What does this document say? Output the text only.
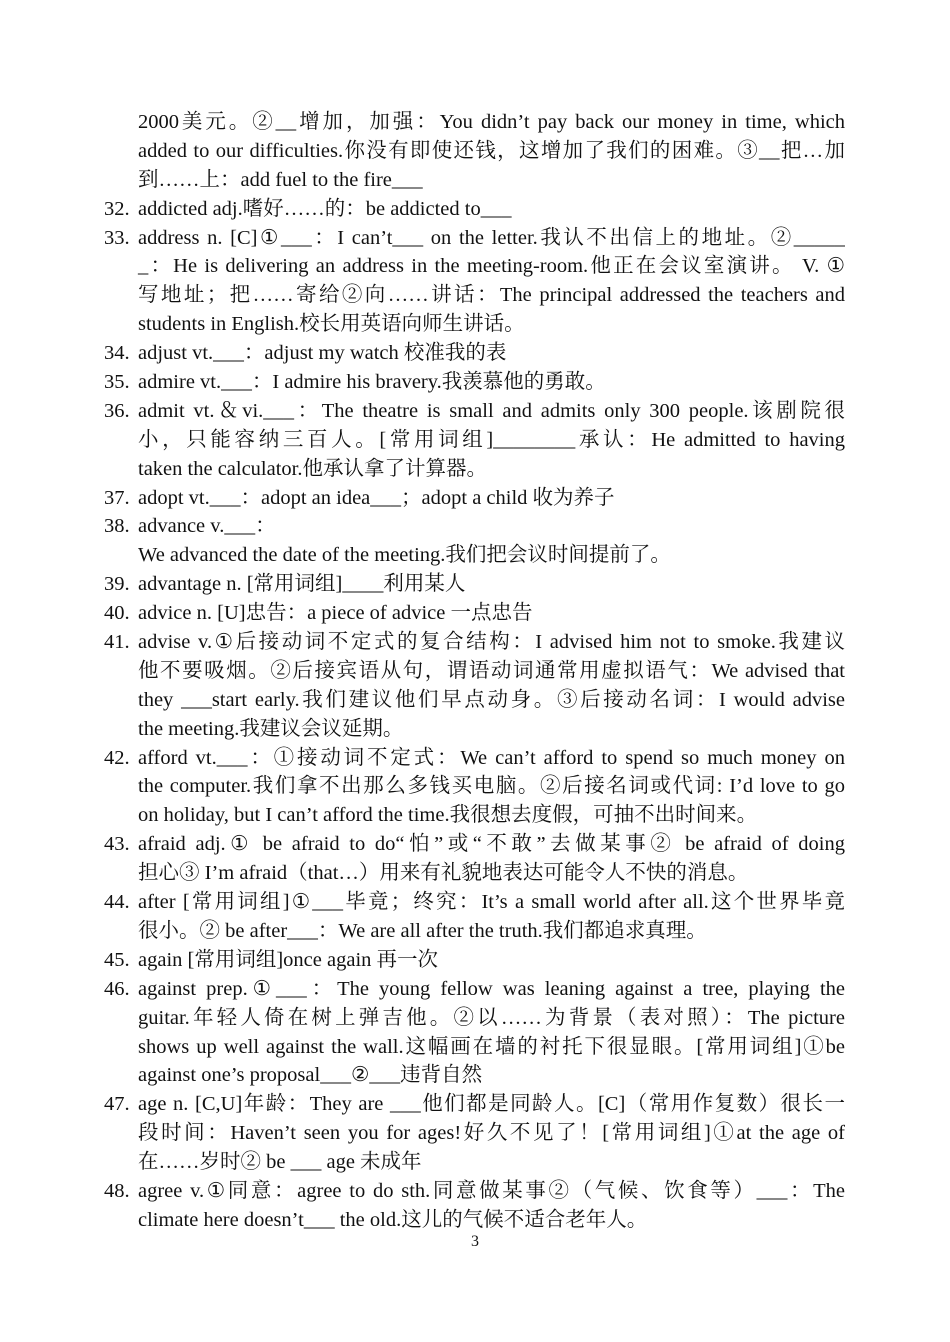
2000美元。②__增加，加强：You didn’t pay back our money in time, which
added to our difficulties.你没有即使还钱，这增加了我们的困难。③__把…加
到……上：add fuel to the fire___
32. addicted adj.嗜好……的：be addicted to___
33. address n. [C]①___：I can’t___ on the letter.我认不出信上的地址。②_____
_：He is delivering an address in the meeting-room.他正在会议室演讲。 V. ①
写地址；把……寄给②向……讲话：The principal addressed the teachers and
students in English.校长用英语向师生讲话。
34. adjust vt.___：adjust my watch 校准我的表
35. admire vt.___：I admire his bravery.我羡慕他的勇敢。
36. admit vt.＆vi.___：The theatre is small and admits only 300 people.该剧院很
小，只能容纳三百人。[常用词组]________承认：He admitted to having
taken the calculator.他承认拿了计算器。
37. adopt vt.___：adopt an idea___；adopt a child 收为养子
38. advance v.___：
We advanced the date of the meeting.我们把会议时间提前了。
39. advantage n. [常用词组]____利用某人
40. advice n. [U]忠告：a piece of advice 一点忠告
41. advise v.①后接动词不定式的复合结构：I advised him not to smoke.我建议
他不要吸烟。②后接宾语从句，谓语动词通常用虚拟语气：We advised that
they ___start early.我们建议他们早点动身。③后接动名词：I would advise
the meeting.我建议会议延期。
42. afford vt.___：①接动词不定式：We can’t afford to spend so much money on
the computer.我们拿不出那么多钱买电脑。②后接名词或代词: I’d love to go
on holiday, but I can’t afford the time.我很想去度假，可抽不出时间来。
43. afraid adj.① be afraid to do“怕”或“不敢”去做某事② be afraid of doing
担心③ I’m afraid（that…）用来有礼貌地表达可能令人不快的消息。
44. after [常用词组]①___毕竟；终究：It’s a small world after all.这个世界毕竟
很小。② be after___：We are all after the truth.我们都追求真理。
45. again [常用词组]once again 再一次
46. against prep.①___：The young fellow was leaning against a tree, playing the
guitar.年轻人倚在树上弹吉他。②以……为背景（表对照）：The picture
shows up well against the wall.这幅画在墙的衬托下很显眼。[常用词组]①be
against one’s proposal___②___违背自然
47. age n. [C,U]年龄：They are ___他们都是同龄人。[C]（常用作复数）很长一
段时间：Haven’t seen you for ages!好久不见了！[常用词组]①at the age of
在……岁时② be ___ age 未成年
48. agree v.①同意：agree to do sth.同意做某事②（气候、饮食等）___：The
climate here doesn’t___ the old.这儿的气候不适合老年人。
3
